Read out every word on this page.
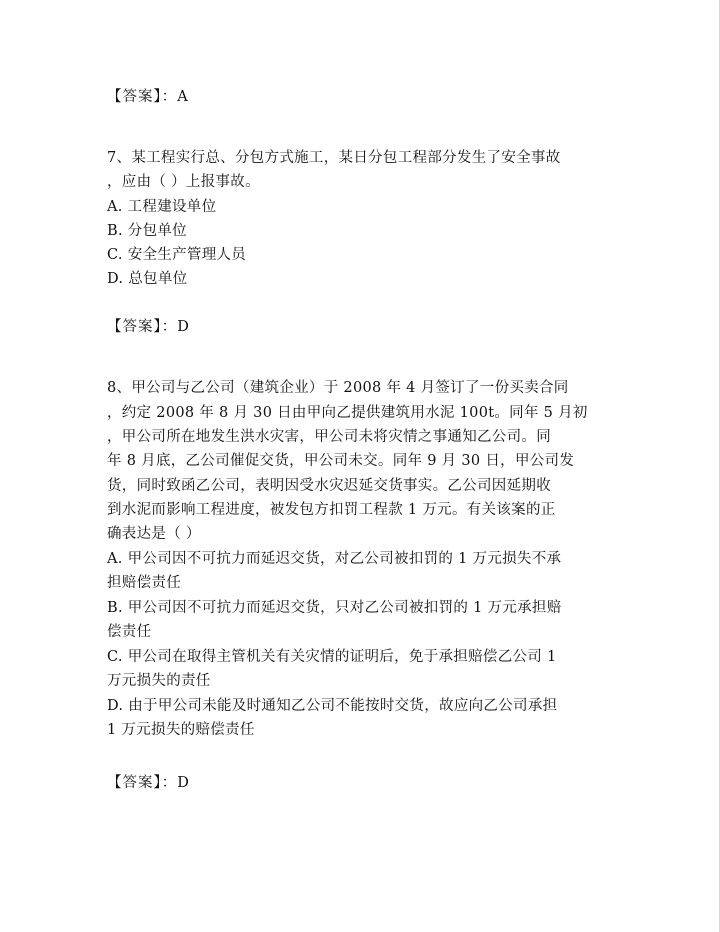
【答案】：A
7、某工程实行总、分包方式施工，某日分包工程部分发生了安全事故
，应由（ ）上报事故。
A. 工程建设单位
B. 分包单位
C. 安全生产管理人员
D. 总包单位
【答案】：D
8、甲公司与乙公司（建筑企业）于 2008 年 4 月签订了一份买卖合同
，约定 2008 年 8 月 30 日由甲向乙提供建筑用水泥 100t。同年 5 月初
，甲公司所在地发生洪水灾害，甲公司未将灾情之事通知乙公司。同
年 8 月底，乙公司催促交货，甲公司未交。同年 9 月 30 日，甲公司发
货，同时致函乙公司，表明因受水灾迟延交货事实。乙公司因延期收
到水泥而影响工程进度，被发包方扣罚工程款 1 万元。有关该案的正
确表达是（ ）
A. 甲公司因不可抗力而延迟交货，对乙公司被扣罚的 1 万元损失不承
担赔偿责任
B. 甲公司因不可抗力而延迟交货，只对乙公司被扣罚的 1 万元承担赔
偿责任
C. 甲公司在取得主管机关有关灾情的证明后，免于承担赔偿乙公司 1
万元损失的责任
D. 由于甲公司未能及时通知乙公司不能按时交货，故应向乙公司承担
1 万元损失的赔偿责任
【答案】：D
